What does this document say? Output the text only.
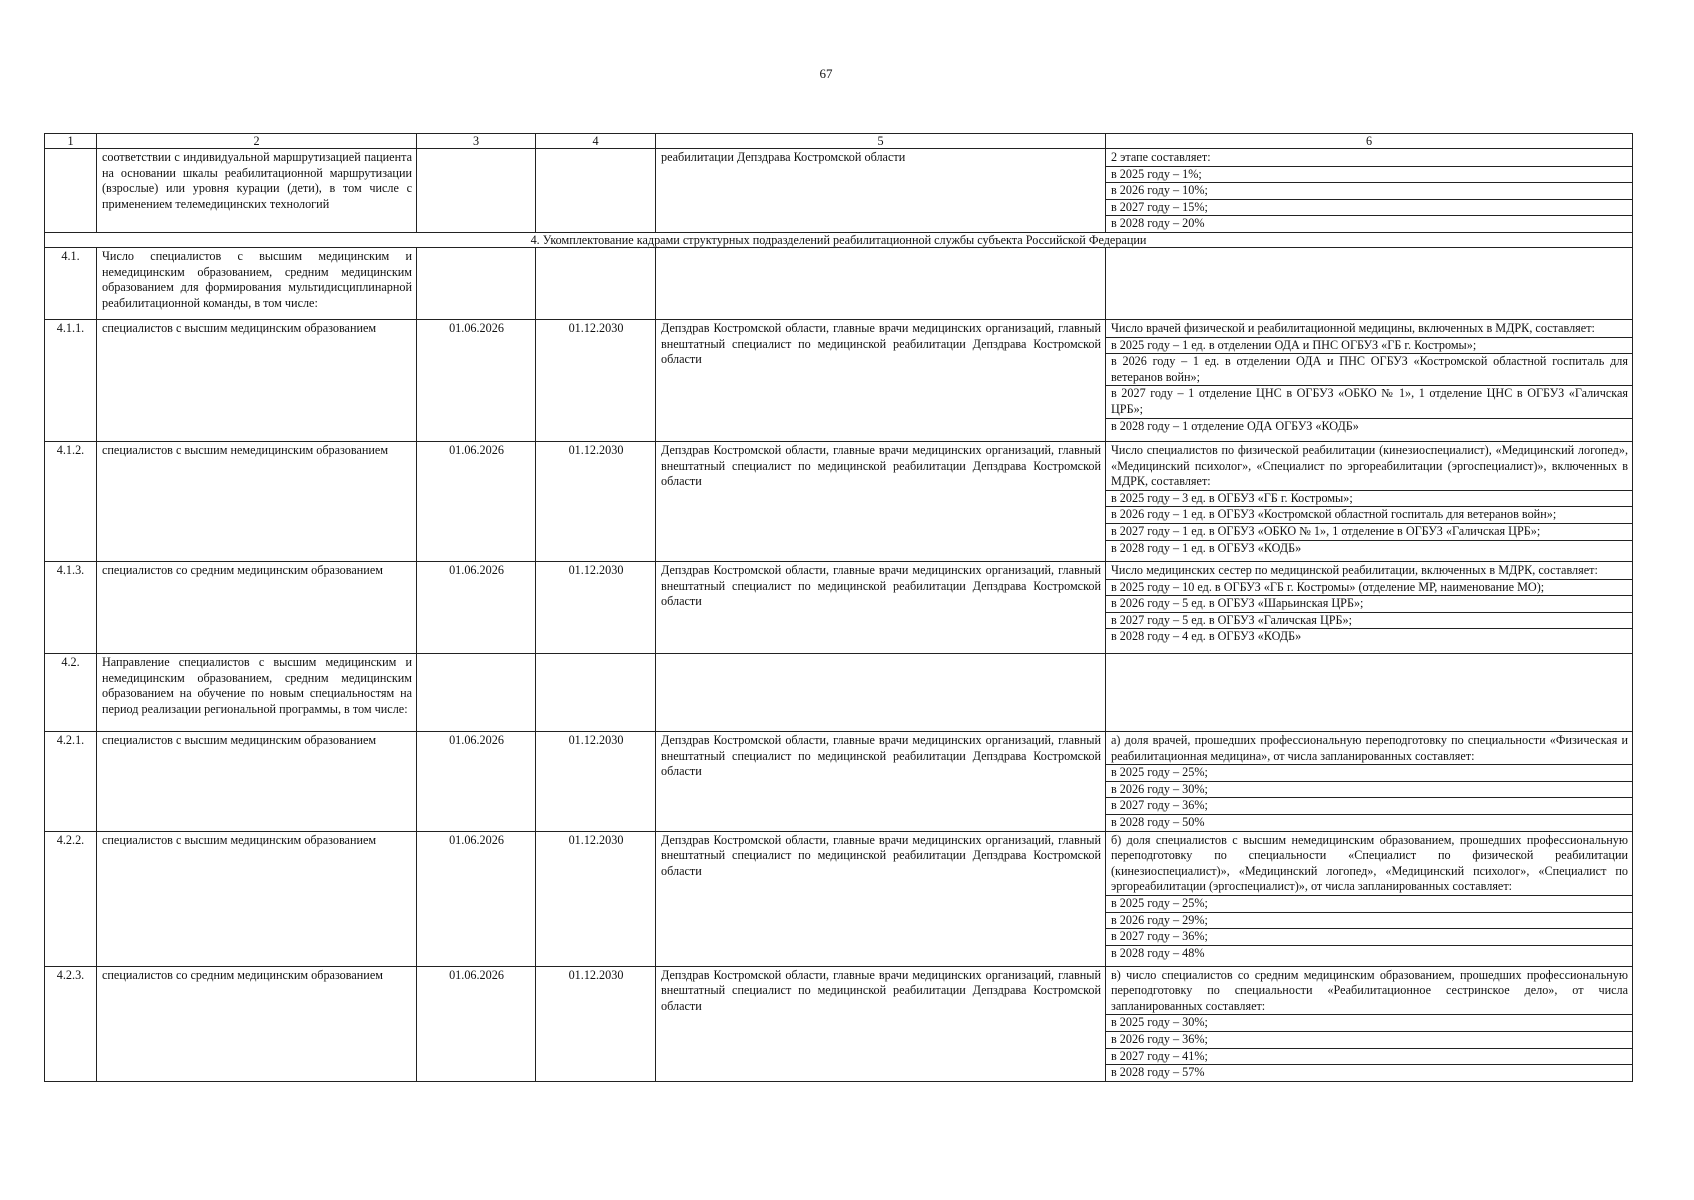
67
1	2	3	4	5	6
	соответствии с индивидуальной маршрутизацией пациента на основании шкалы реабилитационной маршрутизации (взрослые) или уровня курации (дети), в том числе с применением телемедицинских технологий			реабилитации Депздрава Костромской области	2 этапе составляет:
в 2025 году – 1%;
в 2026 году – 10%;
в 2027 году – 15%;
в 2028 году – 20%

4. Укомплектование кадрами структурных подразделений реабилитационной службы субъекта Российской Федерации					
4.1.	Число специалистов с высшим медицинским и немедицинским образованием, средним медицинским образованием для формирования мультидисциплинарной реабилитационной команды, в том числе:				
4.1.1.	специалистов с высшим медицинским образованием	01.06.2026	01.12.2030	Депздрав Костромской области, главные врачи медицинских организаций, главный внештатный специалист по медицинской реабилитации Депздрава Костромской области	Число врачей физической и реабилитационной медицины, включенных в МДРК, составляет:
в 2025 году – 1 ед. в отделении ОДА и ПНС ОГБУЗ «ГБ г. Костромы»;
в 2026 году – 1 ед. в отделении ОДА и ПНС ОГБУЗ «Костромской областной госпиталь для ветеранов войн»;
в 2027 году – 1 отделение ЦНС в ОГБУЗ «ОБКО № 1», 1 отделение ЦНС в ОГБУЗ «Галичская ЦРБ»;
в 2028 году – 1 отделение ОДА ОГБУЗ «КОДБ»

4.1.2.	специалистов с высшим немедицинским образованием	01.06.2026	01.12.2030	Депздрав Костромской области, главные врачи медицинских организаций, главный внештатный специалист по медицинской реабилитации Депздрава Костромской области	Число специалистов по физической реабилитации (кинезиоспециалист), «Медицинский логопед», «Медицинский психолог», «Специалист по эргореабилитации (эргоспециалист)», включенных в МДРК, составляет:
в 2025 году – 3 ед. в ОГБУЗ «ГБ г. Костромы»;
в 2026 году – 1 ед. в ОГБУЗ «Костромской областной госпиталь для ветеранов войн»;
в 2027 году – 1 ед. в ОГБУЗ «ОБКО № 1», 1 отделение в ОГБУЗ «Галичская ЦРБ»;
в 2028 году – 1 ед. в ОГБУЗ «КОДБ»

4.1.3.	специалистов со средним медицинским образованием	01.06.2026	01.12.2030	Депздрав Костромской области, главные врачи медицинских организаций, главный внештатный специалист по медицинской реабилитации Депздрава Костромской области	Число медицинских сестер по медицинской реабилитации, включенных в МДРК, составляет:
в 2025 году – 10 ед. в ОГБУЗ «ГБ г. Костромы» (отделение МР, наименование МО);
в 2026 году – 5 ед. в ОГБУЗ «Шарьинская ЦРБ»;
в 2027 году – 5 ед. в ОГБУЗ «Галичская ЦРБ»;
в 2028 году – 4 ед. в ОГБУЗ «КОДБ»

4.2.	Направление специалистов с высшим медицинским и немедицинским образованием, средним медицинским образованием на обучение по новым специальностям на период реализации региональной программы, в том числе:				
4.2.1.	специалистов с высшим медицинским образованием	01.06.2026	01.12.2030	Депздрав Костромской области, главные врачи медицинских организаций, главный внештатный специалист по медицинской реабилитации Депздрава Костромской области	а) доля врачей, прошедших профессиональную переподготовку по специальности «Физическая и реабилитационная медицина», от числа запланированных составляет:
в 2025 году – 25%;
в 2026 году – 30%;
в 2027 году – 36%;
в 2028 году – 50%

4.2.2.	специалистов с высшим медицинским образованием	01.06.2026	01.12.2030	Депздрав Костромской области, главные врачи медицинских организаций, главный внештатный специалист по медицинской реабилитации Депздрава Костромской области	б) доля специалистов с высшим немедицинским образованием, прошедших профессиональную переподготовку по специальности «Специалист по физической реабилитации (кинезиоспециалист)», «Медицинский логопед», «Медицинский психолог», «Специалист по эргореабилитации (эргоспециалист)», от числа запланированных составляет:
в 2025 году – 25%;
в 2026 году – 29%;
в 2027 году – 36%;
в 2028 году – 48%

4.2.3.	специалистов со средним медицинским образованием	01.06.2026	01.12.2030	Депздрав Костромской области, главные врачи медицинских организаций, главный внештатный специалист по медицинской реабилитации Депздрава Костромской области	в) число специалистов со средним медицинским образованием, прошедших профессиональную переподготовку по специальности «Реабилитационное сестринское дело», от числа запланированных составляет:
в 2025 году – 30%;
в 2026 году – 36%;
в 2027 году – 41%;
в 2028 году – 57%
